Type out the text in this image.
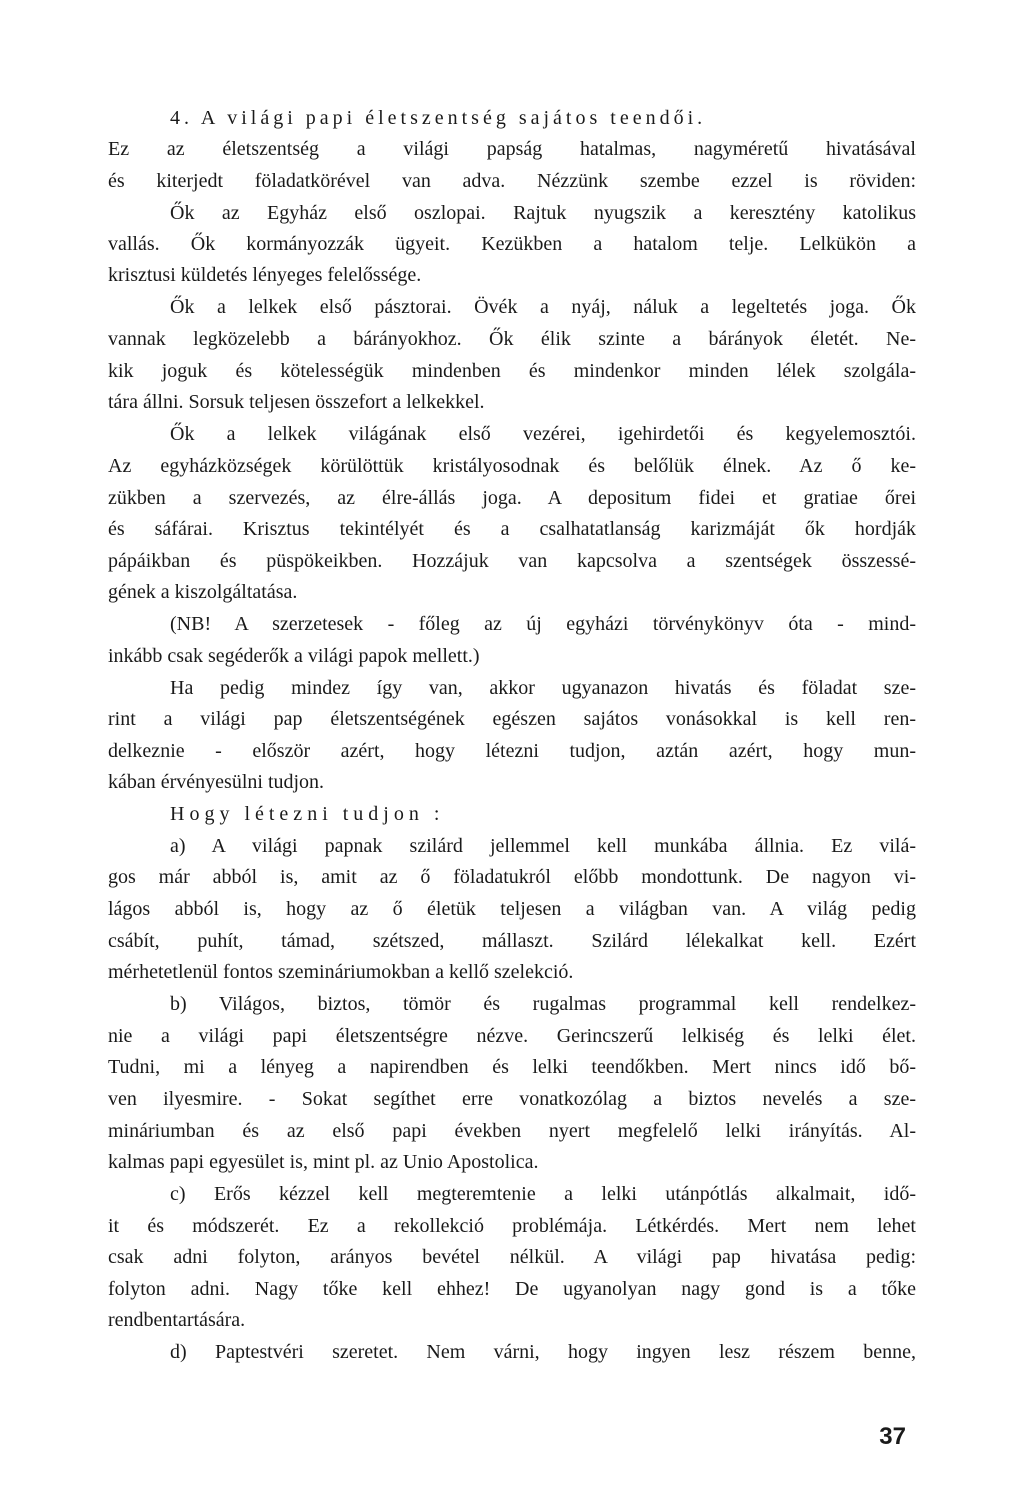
4. A világi papi életszentség sajátos teendői.
Ez az életszentség a világi papság hatalmas, nagyméretű hivatásával
és kiterjedt föladatkörével van adva. Nézzünk szembe ezzel is röviden:
Ők az Egyház első oszlopai. Rajtuk nyugszik a keresztény katolikus
vallás. Ők kormányozzák ügyeit. Kezükben a hatalom telje. Lelkükön a
krisztusi küldetés lényeges felelőssége.
Ők a lelkek első pásztorai. Övék a nyáj, náluk a legeltetés joga. Ők
vannak legközelebb a bárányokhoz. Ők élik szinte a bárányok életét. Ne-
kik joguk és kötelességük mindenben és mindenkor minden lélek szolgála-
tára állni. Sorsuk teljesen összefort a lelkekkel.
Ők a lelkek világának első vezérei, igehirdetői és kegyelemosztói.
Az egyházközségek körülöttük kristályosodnak és belőlük élnek. Az ő ke-
zükben a szervezés, az élre-állás joga. A depositum fidei et gratiae őrei
és sáfárai. Krisztus tekintélyét és a csalhatatlanság karizmáját ők hordják
pápáikban és püspökeikben. Hozzájuk van kapcsolva a szentségek összessé-
gének a kiszolgáltatása.
(NB! A szerzetesek - főleg az új egyházi törvénykönyv óta - mind-
inkább csak segéderők a világi papok mellett.)
Ha pedig mindez így van, akkor ugyanazon hivatás és föladat sze-
rint a világi pap életszentségének egészen sajátos vonásokkal is kell ren-
delkeznie - először azért, hogy létezni tudjon, aztán azért, hogy mun-
kában érvényesülni tudjon.
Hogy létezni tudjon :
a) A világi papnak szilárd jellemmel kell munkába állnia. Ez vilá-
gos már abból is, amit az ő föladatukról előbb mondottunk. De nagyon vi-
lágos abból is, hogy az ő életük teljesen a világban van. A világ pedig
csábít, puhít, támad, szétszed, mállaszt. Szilárd lélekalkat kell. Ezért
mérhetetlenül fontos szemináriumokban a kellő szelekció.
b) Világos, biztos, tömör és rugalmas programmal kell rendelkez-
nie a világi papi életszentségre nézve. Gerincszerű lelkiség és lelki élet.
Tudni, mi a lényeg a napirendben és lelki teendőkben. Mert nincs idő bő-
ven ilyesmire. - Sokat segíthet erre vonatkozólag a biztos nevelés a sze-
mináriumban és az első papi években nyert megfelelő lelki irányítás. Al-
kalmas papi egyesület is, mint pl. az Unio Apostolica.
c) Erős kézzel kell megteremtenie a lelki utánpótlás alkalmait, idő-
it és módszerét. Ez a rekollekció problémája. Létkérdés. Mert nem lehet
csak adni folyton, arányos bevétel nélkül. A világi pap hivatása pedig:
folyton adni. Nagy tőke kell ehhez! De ugyanolyan nagy gond is a tőke
rendbentartására.
d) Paptestvéri szeretet. Nem várni, hogy ingyen lesz részem benne,
37
